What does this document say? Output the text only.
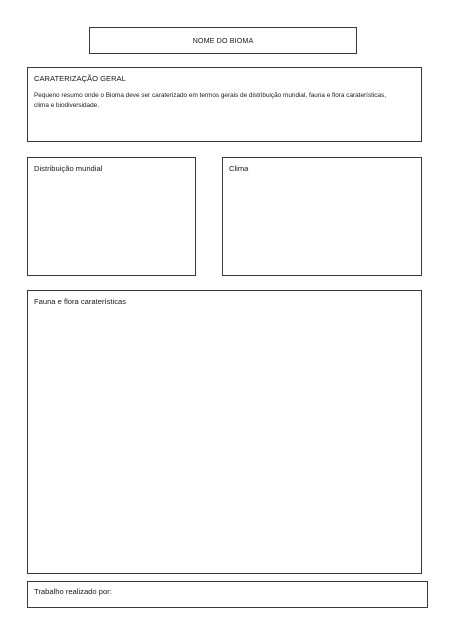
NOME DO BIOMA
CARATERIZAÇÃO GERAL
Pequeno resumo onde o Bioma deve ser caraterizado em termos gerais de distribuição mundial, fauna e flora caraterísticas, clima e biodiversidade.
Distribuição mundial	Clima
Fauna e flora caraterísticas
Trabalho realizado por:
